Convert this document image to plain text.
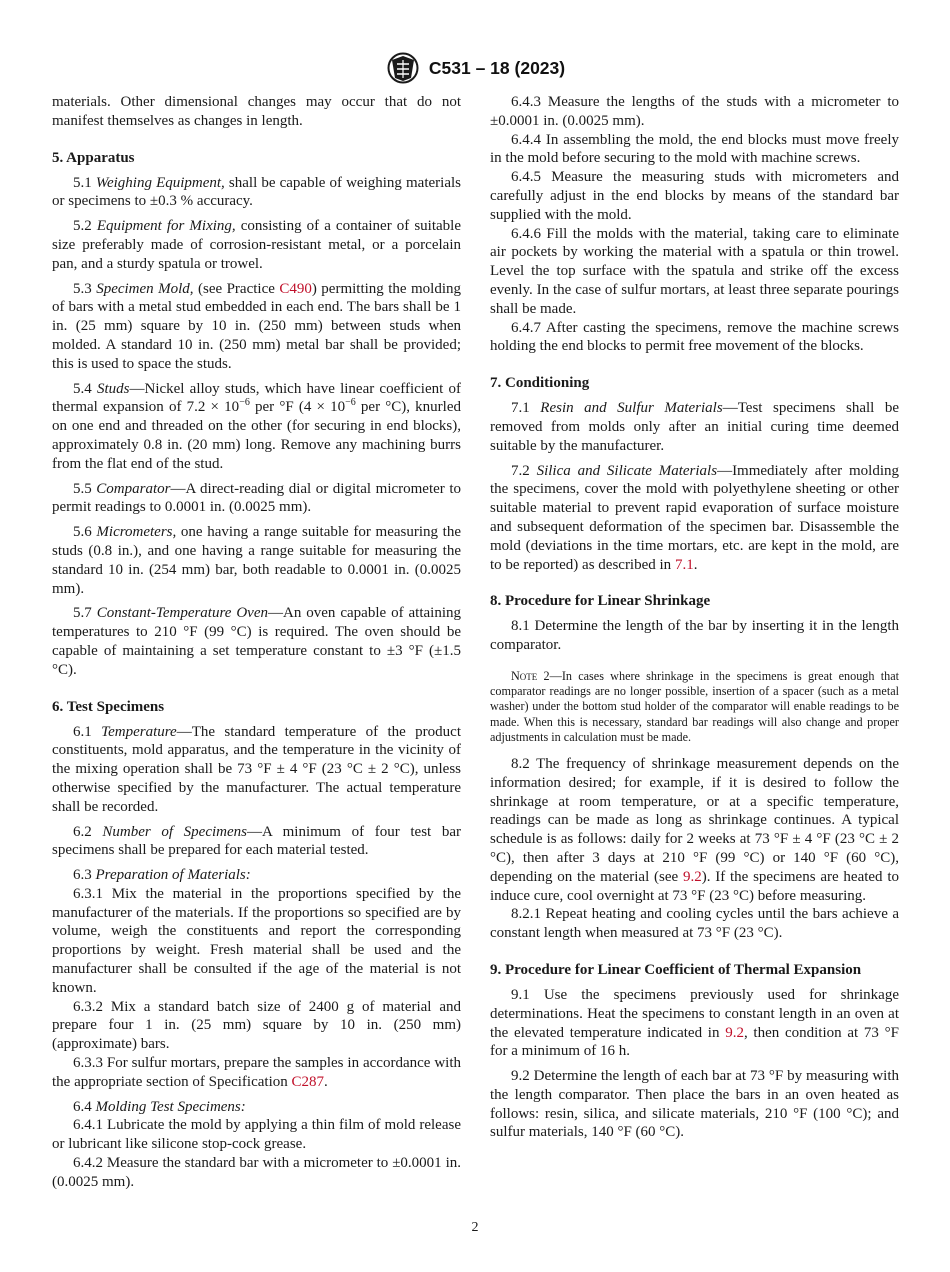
C531 – 18 (2023)

materials. Other dimensional changes may occur that do not manifest themselves as changes in length.

5. Apparatus

5.1 Weighing Equipment, shall be capable of weighing materials or specimens to ±0.3 % accuracy.

5.2 Equipment for Mixing, consisting of a container of suitable size preferably made of corrosion-resistant metal, or a porcelain pan, and a sturdy spatula or trowel.

5.3 Specimen Mold, (see Practice C490) permitting the molding of bars with a metal stud embedded in each end. The bars shall be 1 in. (25 mm) square by 10 in. (250 mm) between studs when molded. A standard 10 in. (250 mm) metal bar shall be provided; this is used to space the studs.

5.4 Studs—Nickel alloy studs, which have linear coefficient of thermal expansion of $7.2 \times 10^{-6}$ per °F ($4 \times 10^{-6}$ per °C), knurled on one end and threaded on the other (for securing in end blocks), approximately 0.8 in. (20 mm) long. Remove any machining burrs from the flat end of the stud.

5.5 Comparator—A direct-reading dial or digital micrometer to permit readings to 0.0001 in. (0.0025 mm).

5.6 Micrometers, one having a range suitable for measuring the studs (0.8 in.), and one having a range suitable for measuring the standard 10 in. (254 mm) bar, both readable to 0.0001 in. (0.0025 mm).

5.7 Constant-Temperature Oven—An oven capable of attaining temperatures to 210 °F (99 °C) is required. The oven should be capable of maintaining a set temperature constant to ±3 °F (±1.5 °C).

6. Test Specimens

6.1 Temperature—The standard temperature of the product constituents, mold apparatus, and the temperature in the vicinity of the mixing operation shall be 73 °F ± 4 °F (23 °C ± 2 °C), unless otherwise specified by the manufacturer. The actual temperature shall be recorded.

6.2 Number of Specimens—A minimum of four test bar specimens shall be prepared for each material tested.

6.3 Preparation of Materials:

6.3.1 Mix the material in the proportions specified by the manufacturer of the materials. If the proportions so specified are by volume, weigh the constituents and report the corresponding proportions by weight. Fresh material shall be used and the manufacturer shall be consulted if the age of the material is not known.

6.3.2 Mix a standard batch size of 2400 g of material and prepare four 1 in. (25 mm) square by 10 in. (250 mm) (approximate) bars.

6.3.3 For sulfur mortars, prepare the samples in accordance with the appropriate section of Specification C287.

6.4 Molding Test Specimens:

6.4.1 Lubricate the mold by applying a thin film of mold release or lubricant like silicone stop-cock grease.

6.4.2 Measure the standard bar with a micrometer to ±0.0001 in. (0.0025 mm).

6.4.3 Measure the lengths of the studs with a micrometer to ±0.0001 in. (0.0025 mm).

6.4.4 In assembling the mold, the end blocks must move freely in the mold before securing to the mold with machine screws.

6.4.5 Measure the measuring studs with micrometers and carefully adjust in the end blocks by means of the standard bar supplied with the mold.

6.4.6 Fill the molds with the material, taking care to eliminate air pockets by working the material with a spatula or thin trowel. Level the top surface with the spatula and strike off the excess evenly. In the case of sulfur mortars, at least three separate pourings shall be made.

6.4.7 After casting the specimens, remove the machine screws holding the end blocks to permit free movement of the blocks.

7. Conditioning

7.1 Resin and Sulfur Materials—Test specimens shall be removed from molds only after an initial curing time deemed suitable by the manufacturer.

7.2 Silica and Silicate Materials—Immediately after molding the specimens, cover the mold with polyethylene sheeting or other suitable material to prevent rapid evaporation of surface moisture and subsequent deformation of the specimen bar. Disassemble the mold (deviations in the time mortars, etc. are kept in the mold, are to be reported) as described in 7.1.

8. Procedure for Linear Shrinkage

8.1 Determine the length of the bar by inserting it in the length comparator.

Note 2—In cases where shrinkage in the specimens is great enough that comparator readings are no longer possible, insertion of a spacer (such as a metal washer) under the bottom stud holder of the comparator will enable readings to be made. When this is necessary, standard bar readings will also change and proper adjustments in calculation must be made.

8.2 The frequency of shrinkage measurement depends on the information desired; for example, if it is desired to follow the shrinkage at room temperature, or at a specific temperature, readings can be made as long as shrinkage continues. A typical schedule is as follows: daily for 2 weeks at 73 °F ± 4 °F (23 °C ± 2 °C), then after 3 days at 210 °F (99 °C) or 140 °F (60 °C), depending on the material (see 9.2). If the specimens are heated to induce cure, cool overnight at 73 °F (23 °C) before measuring.

8.2.1 Repeat heating and cooling cycles until the bars achieve a constant length when measured at 73 °F (23 °C).

9. Procedure for Linear Coefficient of Thermal Expansion

9.1 Use the specimens previously used for shrinkage determinations. Heat the specimens to constant length in an oven at the elevated temperature indicated in 9.2, then condition at 73 °F for a minimum of 16 h.

9.2 Determine the length of each bar at 73 °F by measuring with the length comparator. Then place the bars in an oven heated as follows: resin, silica, and silicate materials, 210 °F (100 °C); and sulfur materials, 140 °F (60 °C).

2
